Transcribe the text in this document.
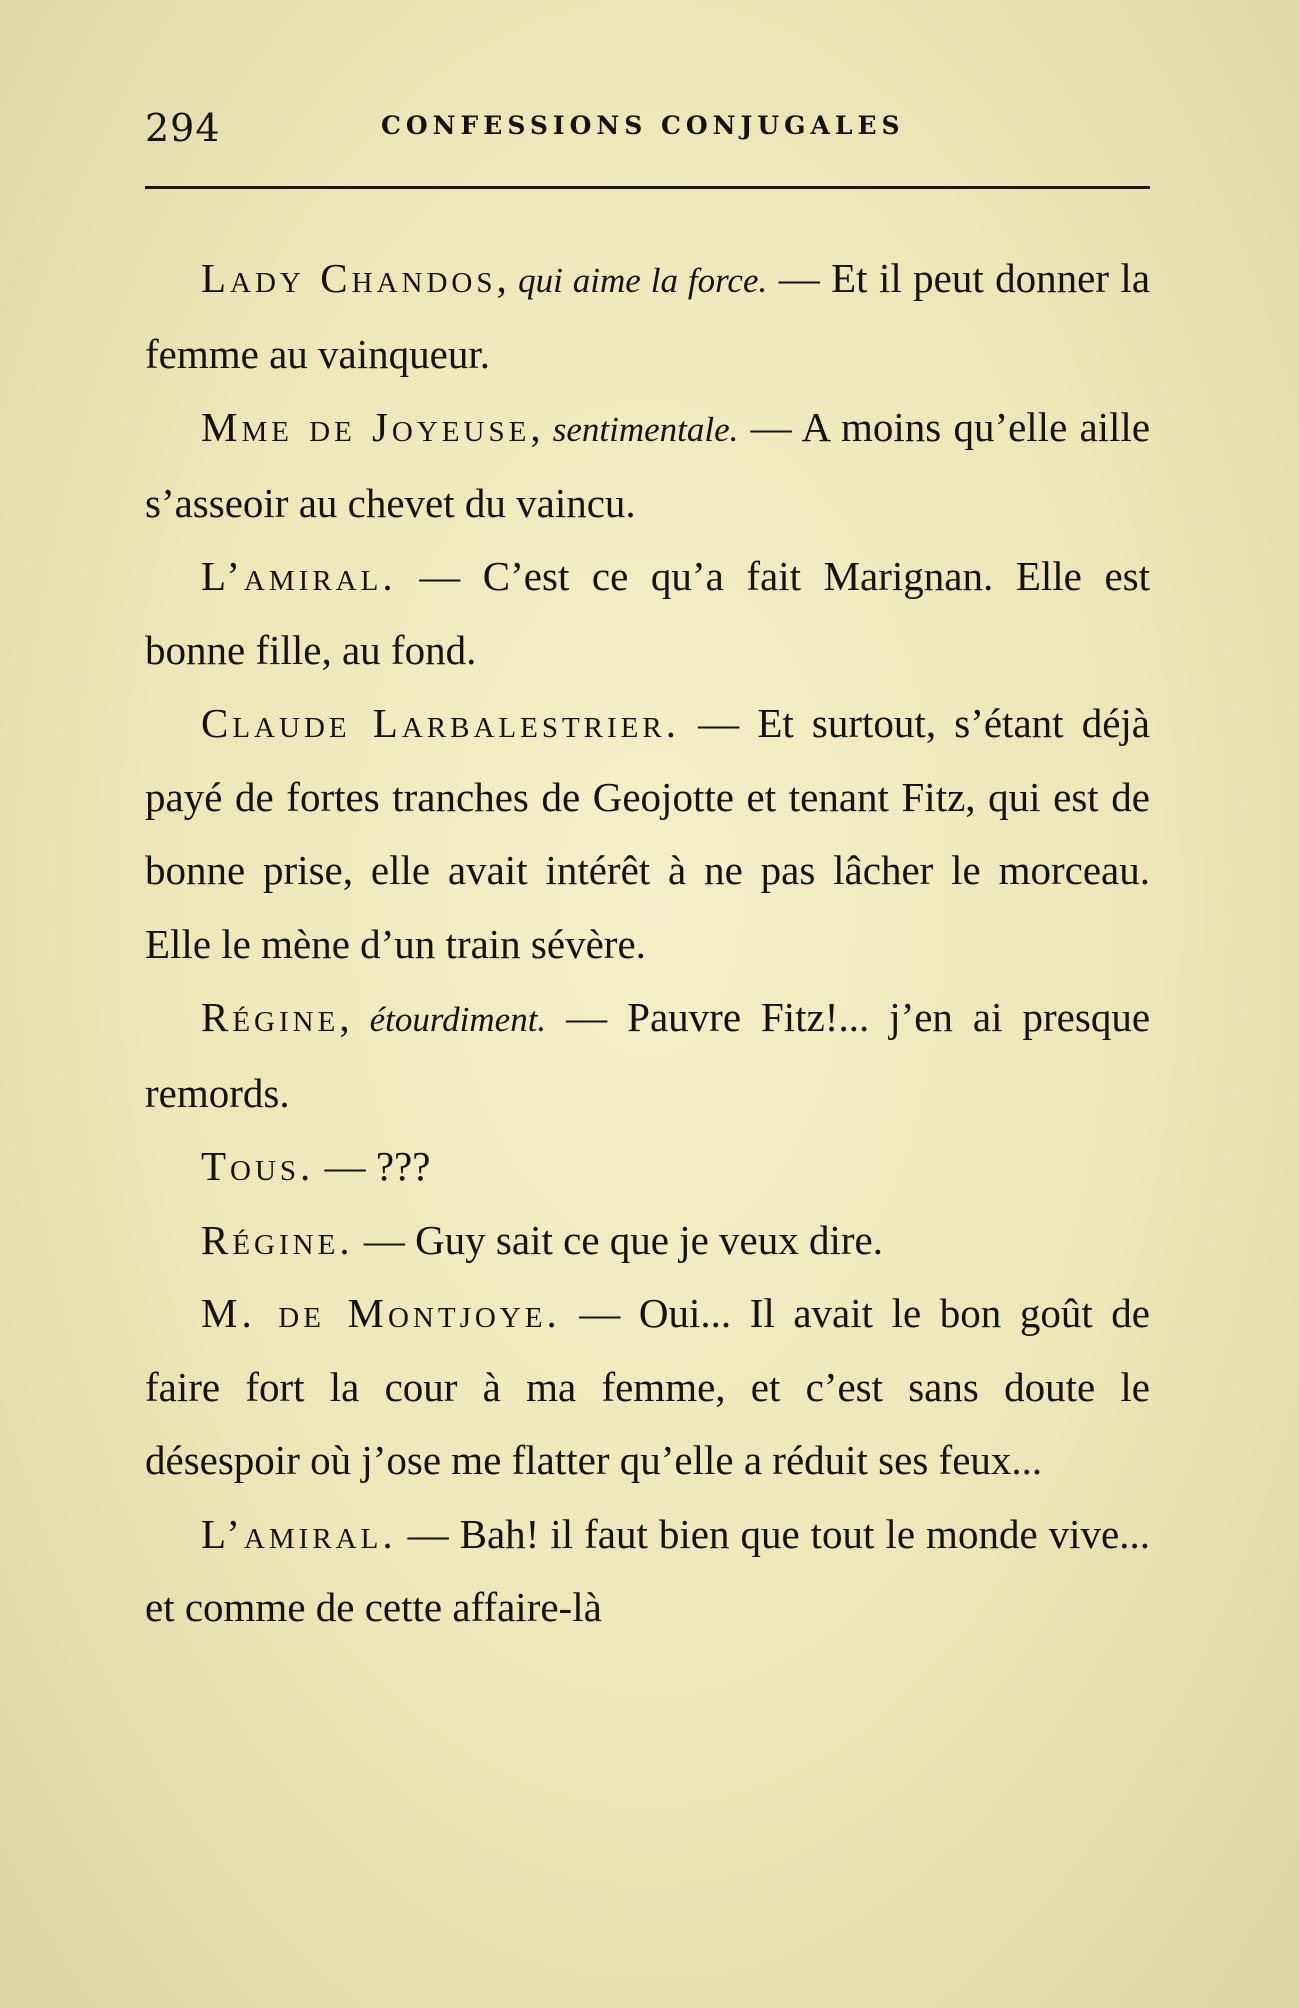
294	CONFESSIONS CONJUGALES

Lady Chandos, qui aime la force. — Et il peut donner la femme au vainqueur.

Mme de Joyeuse, sentimentale. — A moins qu’elle aille s’asseoir au chevet du vaincu.

L’amiral. — C’est ce qu’a fait Marignan. Elle est bonne fille, au fond.

Claude Larbalestrier. — Et surtout, s’étant déjà payé de fortes tranches de Geojotte et tenant Fitz, qui est de bonne prise, elle avait intérêt à ne pas lâcher le morceau. Elle le mène d’un train sévère.

Régine, étourdiment. — Pauvre Fitz!... j’en ai presque remords.

Tous. — ???

Régine. — Guy sait ce que je veux dire.

M. de Montjoye. — Oui... Il avait le bon goût de faire fort la cour à ma femme, et c’est sans doute le désespoir où j’ose me flatter qu’elle a réduit ses feux...

L’amiral. — Bah! il faut bien que tout le monde vive... et comme de cette affaire-là
